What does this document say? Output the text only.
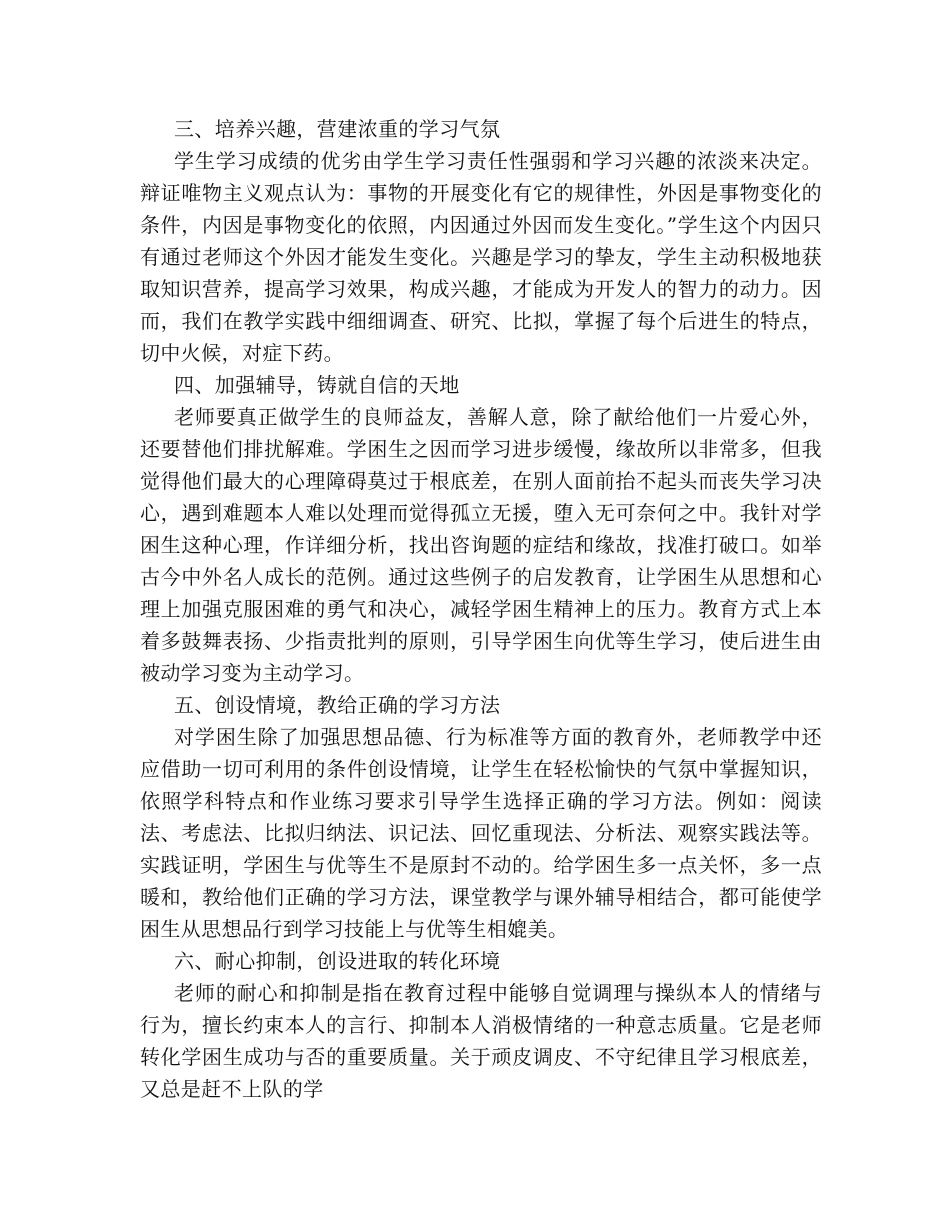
三、培养兴趣，营建浓重的学习气氛

学生学习成绩的优劣由学生学习责任性强弱和学习兴趣的浓淡来决定。辩证唯物主义观点认为：事物的开展变化有它的规律性，外因是事物变化的条件，内因是事物变化的依照，内因通过外因而发生变化。”学生这个内因只有通过老师这个外因才能发生变化。兴趣是学习的挚友，学生主动积极地获取知识营养，提高学习效果，构成兴趣，才能成为开发人的智力的动力。因而，我们在教学实践中细细调查、研究、比拟，掌握了每个后进生的特点，切中火候，对症下药。

四、加强辅导，铸就自信的天地

老师要真正做学生的良师益友，善解人意，除了献给他们一片爱心外，还要替他们排扰解难。学困生之因而学习进步缓慢，缘故所以非常多，但我觉得他们最大的心理障碍莫过于根底差，在别人面前抬不起头而丧失学习决心，遇到难题本人难以处理而觉得孤立无援，堕入无可奈何之中。我针对学困生这种心理，作详细分析，找出咨询题的症结和缘故，找准打破口。如举古今中外名人成长的范例。通过这些例子的启发教育，让学困生从思想和心理上加强克服困难的勇气和决心，减轻学困生精神上的压力。教育方式上本着多鼓舞表扬、少指责批判的原则，引导学困生向优等生学习，使后进生由被动学习变为主动学习。

五、创设情境，教给正确的学习方法

对学困生除了加强思想品德、行为标准等方面的教育外，老师教学中还应借助一切可利用的条件创设情境，让学生在轻松愉快的气氛中掌握知识，依照学科特点和作业练习要求引导学生选择正确的学习方法。例如：阅读法、考虑法、比拟归纳法、识记法、回忆重现法、分析法、观察实践法等。实践证明，学困生与优等生不是原封不动的。给学困生多一点关怀，多一点暖和，教给他们正确的学习方法，课堂教学与课外辅导相结合，都可能使学困生从思想品行到学习技能上与优等生相媲美。

六、耐心抑制，创设进取的转化环境

老师的耐心和抑制是指在教育过程中能够自觉调理与操纵本人的情绪与行为，擅长约束本人的言行、抑制本人消极情绪的一种意志质量。它是老师转化学困生成功与否的重要质量。关于顽皮调皮、不守纪律且学习根底差，又总是赶不上队的学
